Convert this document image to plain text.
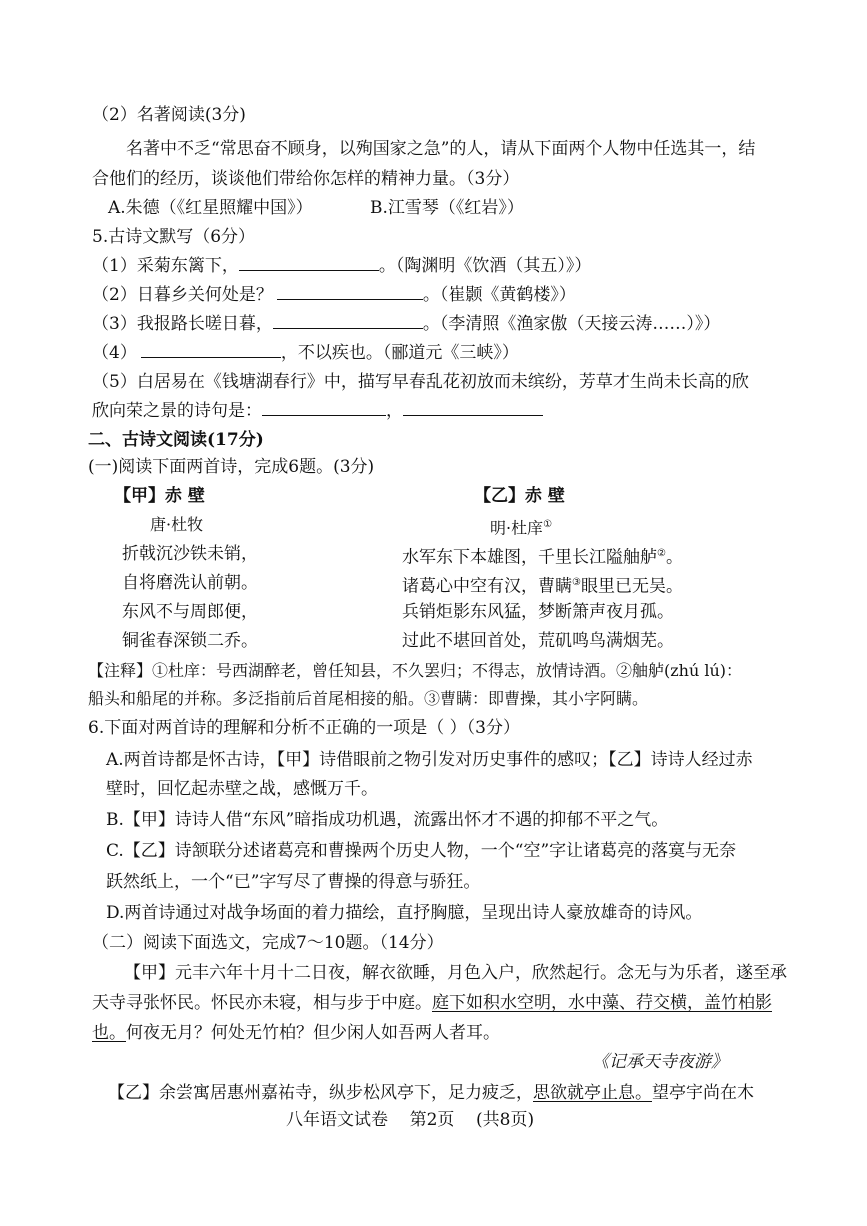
（2）名著阅读(3分)
名著中不乏“常思奋不顾身，以殉国家之急”的人，请从下面两个人物中任选其一，结
合他们的经历，谈谈他们带给你怎样的精神力量。（3分）
A.朱德（《红星照耀中国》）	B.江雪琴（《红岩》）
5.古诗文默写（6分）
（1）采菊东篱下，	。（陶渊明《饮酒（其五）》）
（2）日暮乡关何处是？	。（崔颢《黄鹤楼》）
（3）我报路长嗟日暮，	。（李清照《渔家傲（天接云涛……）》）
（4）	，不以疾也。（郦道元《三峡》）
（5）白居易在《钱塘湖春行》中，描写早春乱花初放而未缤纷，芳草才生尚未长高的欣
欣向荣之景的诗句是：	，
二、古诗文阅读(17分)
(一)阅读下面两首诗，完成6题。(3分)
【甲】赤 壁
唐·杜牧
折戟沉沙铁未销，
自将磨洗认前朝。
东风不与周郎便，
铜雀春深锁二乔。
【乙】赤 壁
明·杜庠①
水军东下本雄图，千里长江隘舳舻②。
诸葛心中空有汉，曹瞒③眼里已无吴。
兵销炬影东风猛，梦断箫声夜月孤。
过此不堪回首处，荒矶鸣鸟满烟芜。
【注释】①杜庠：号西湖醉老，曾任知县，不久罢归；不得志，放情诗酒。②舳舻(zhú lú)：
船头和船尾的并称。多泛指前后首尾相接的船。③曹瞒：即曹操，其小字阿瞒。
6.下面对两首诗的理解和分析不正确的一项是（ ）（3分）
A.两首诗都是怀古诗，【甲】诗借眼前之物引发对历史事件的感叹；【乙】诗诗人经过赤
壁时，回忆起赤壁之战，感慨万千。
B.【甲】诗诗人借“东风”暗指成功机遇，流露出怀才不遇的抑郁不平之气。
C.【乙】诗颔联分述诸葛亮和曹操两个历史人物，一个“空”字让诸葛亮的落寞与无奈
跃然纸上，一个“已”字写尽了曹操的得意与骄狂。
D.两首诗通过对战争场面的着力描绘，直抒胸臆，呈现出诗人豪放雄奇的诗风。
（二）阅读下面选文，完成7～10题。（14分）
【甲】元丰六年十月十二日夜，解衣欲睡，月色入户，欣然起行。念无与为乐者，遂至承
天寺寻张怀民。怀民亦未寝，相与步于中庭。庭下如积水空明，水中藻、荇交横，盖竹柏影
也。何夜无月？何处无竹柏？但少闲人如吾两人者耳。
《记承天寺夜游》
【乙】余尝寓居惠州嘉祐寺，纵步松风亭下，足力疲乏，思欲就亭止息。望亭宇尚在木
八年语文试卷    第2页    (共8页)
